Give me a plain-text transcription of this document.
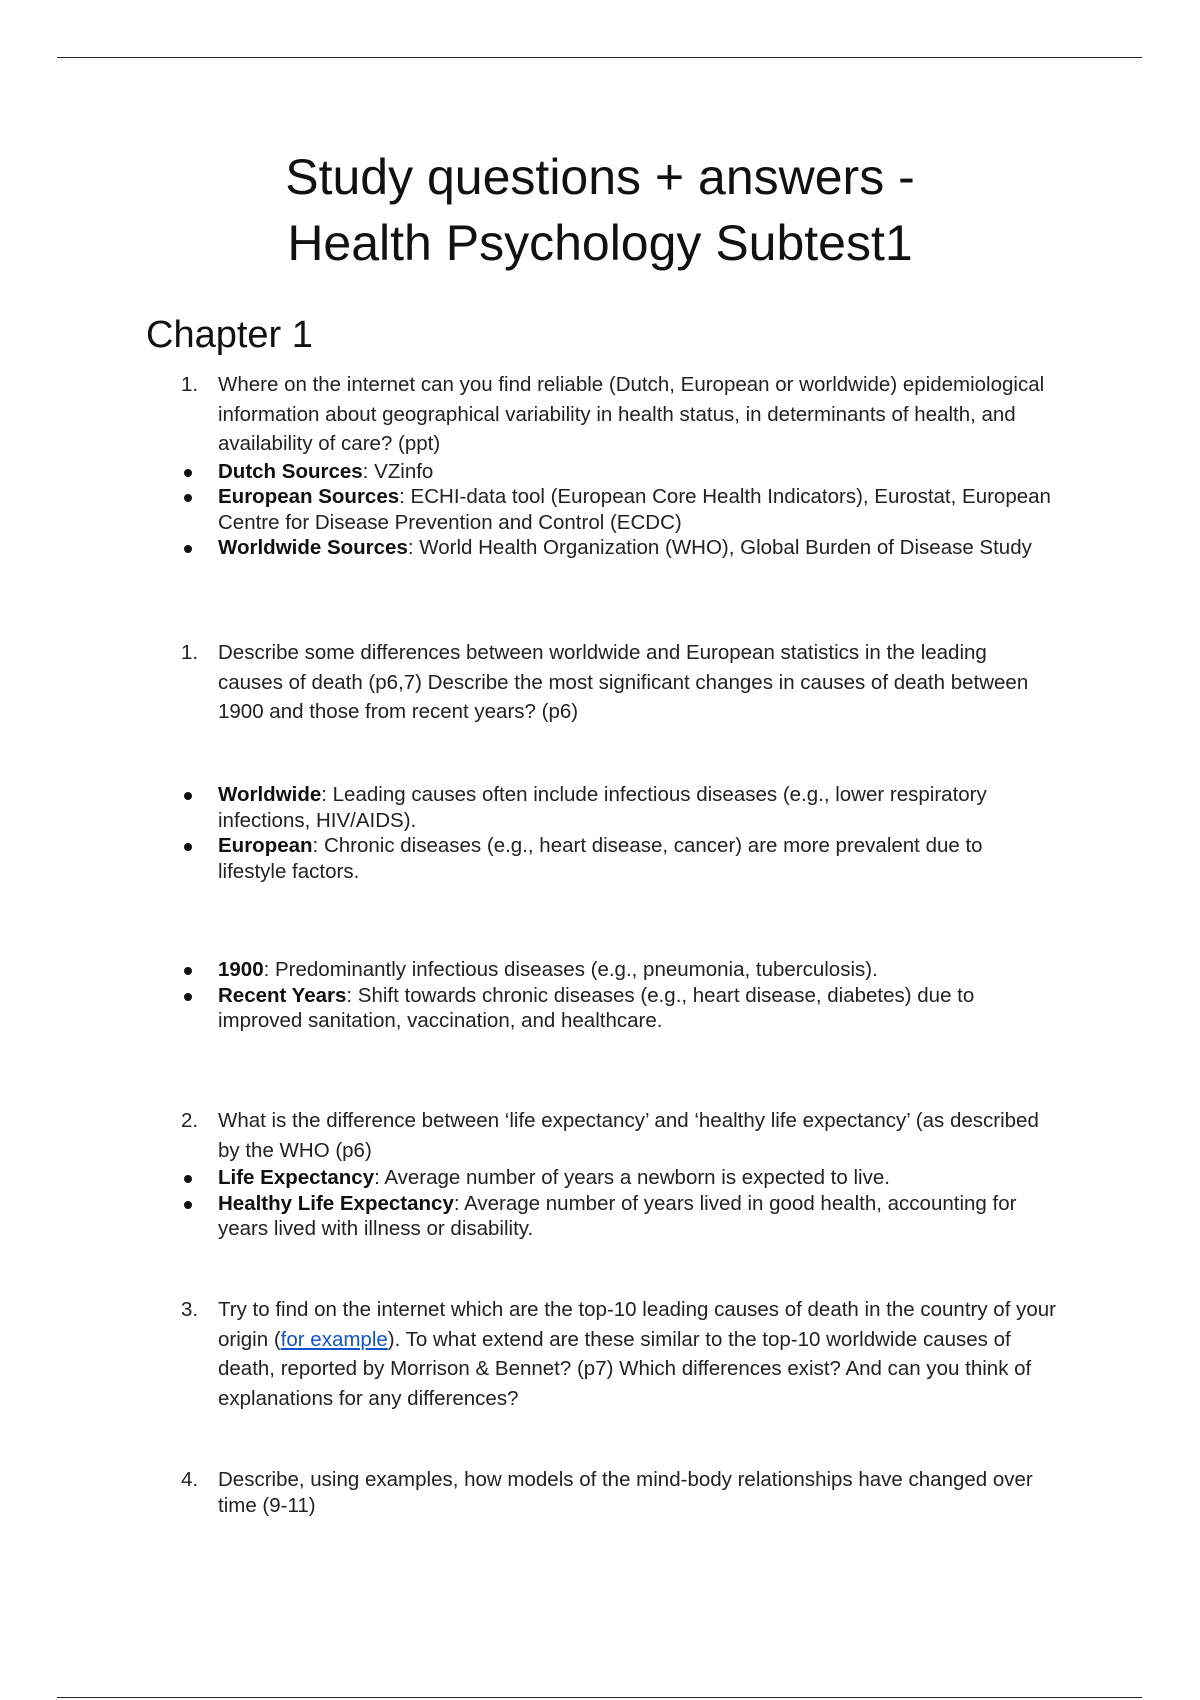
Study questions + answers -
Health Psychology Subtest1
Chapter 1
1. Where on the internet can you find reliable (Dutch, European or worldwide) epidemiological information about geographical variability in health status, in determinants of health, and availability of care? (ppt)
Dutch Sources: VZinfo
European Sources: ECHI-data tool (European Core Health Indicators), Eurostat, European Centre for Disease Prevention and Control (ECDC)
Worldwide Sources: World Health Organization (WHO), Global Burden of Disease Study
1. Describe some differences between worldwide and European statistics in the leading causes of death (p6,7) Describe the most significant changes in causes of death between 1900 and those from recent years? (p6)
Worldwide: Leading causes often include infectious diseases (e.g., lower respiratory infections, HIV/AIDS).
European: Chronic diseases (e.g., heart disease, cancer) are more prevalent due to lifestyle factors.
1900: Predominantly infectious diseases (e.g., pneumonia, tuberculosis).
Recent Years: Shift towards chronic diseases (e.g., heart disease, diabetes) due to improved sanitation, vaccination, and healthcare.
2. What is the difference between ‘life expectancy’ and ‘healthy life expectancy’ (as described by the WHO (p6)
Life Expectancy: Average number of years a newborn is expected to live.
Healthy Life Expectancy: Average number of years lived in good health, accounting for years lived with illness or disability.
3. Try to find on the internet which are the top-10 leading causes of death in the country of your origin (for example). To what extend are these similar to the top-10 worldwide causes of death, reported by Morrison & Bennet? (p7) Which differences exist? And can you think of explanations for any differences?
4. Describe, using examples, how models of the mind-body relationships have changed over time (9-11)
